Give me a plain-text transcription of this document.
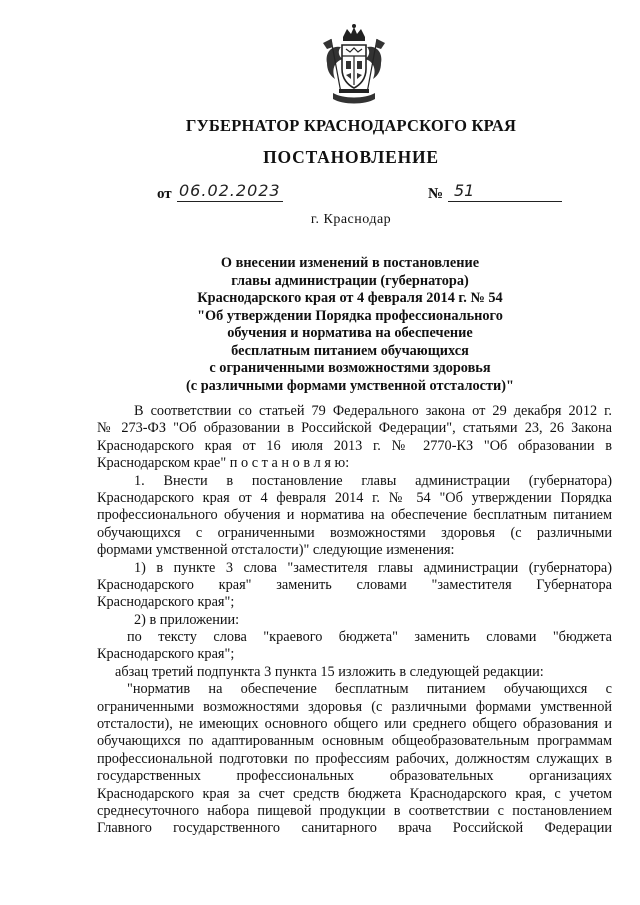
ГУБЕРНАТОР КРАСНОДАРСКОГО КРАЯ
ПОСТАНОВЛЕНИЕ
от 06.02.2023	№ 51
г. Краснодар
О внесении изменений в постановление
главы администрации (губернатора)
Краснодарского края от 4 февраля 2014 г. № 54
"Об утверждении Порядка профессионального
обучения и норматива на обеспечение
бесплатным питанием обучающихся
с ограниченными возможностями здоровья
(с различными формами умственной отсталости)"
В соответствии со статьей 79 Федерального закона от 29 декабря 2012 г.
№ 273-ФЗ "Об образовании в Российской Федерации", статьями 23, 26 Закона
Краснодарского края от 16 июля 2013 г. № 2770-КЗ "Об образовании в
Краснодарском крае" п о с т а н о в л я ю:
1. Внести в постановление главы администрации (губернатора)
Краснодарского края от 4 февраля 2014 г. № 54 "Об утверждении Порядка
профессионального обучения и норматива на обеспечение бесплатным питанием
обучающихся с ограниченными возможностями здоровья (с различными
формами умственной отсталости)" следующие изменения:
1) в пункте 3 слова "заместителя главы администрации (губернатора)
Краснодарского края" заменить словами "заместителя Губернатора
Краснодарского края";
2) в приложении:
по тексту слова "краевого бюджета" заменить словами "бюджета
Краснодарского края";
абзац третий подпункта 3 пункта 15 изложить в следующей редакции:
"норматив на обеспечение бесплатным питанием обучающихся с
ограниченными возможностями здоровья (с различными формами умственной
отсталости), не имеющих основного общего или среднего общего образования и
обучающихся по адаптированным основным общеобразовательным программам
профессиональной подготовки по профессиям рабочих, должностям служащих в
государственных профессиональных образовательных организациях
Краснодарского края за счет средств бюджета Краснодарского края, с учетом
среднесуточного набора пищевой продукции в соответствии с постановлением
Главного государственного санитарного врача Российской Федерации
